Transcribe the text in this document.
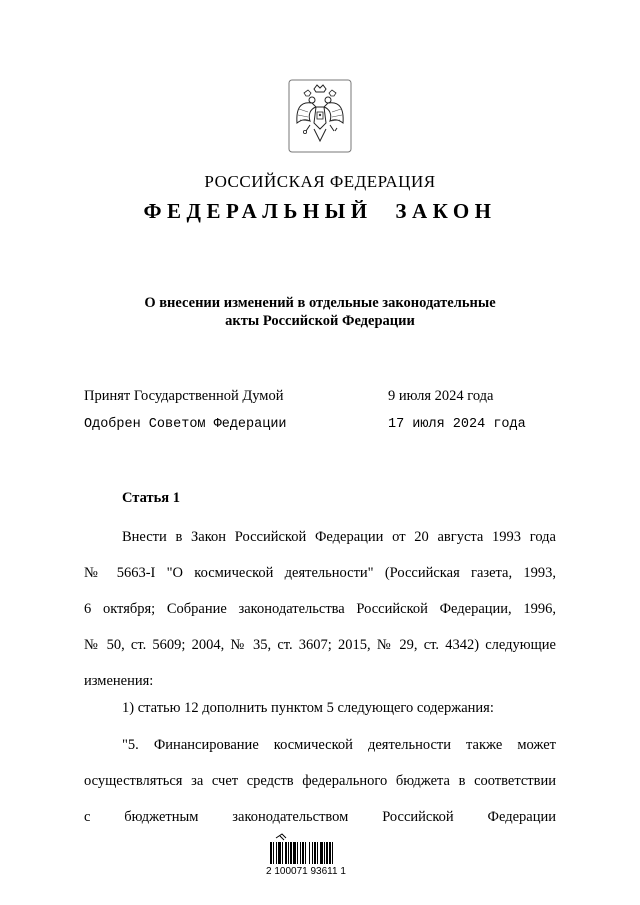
РОССИЙСКАЯ ФЕДЕРАЦИЯ
ФЕДЕРАЛЬНЫЙ ЗАКОН
О внесении изменений в отдельные законодательные
акты Российской Федерации
Принят Государственной Думой	9 июля 2024 года
Одобрен Советом Федерации	17 июля 2024 года
Статья 1
Внести в Закон Российской Федерации от 20 августа 1993 года
№ 5663-I "О космической деятельности" (Российская газета, 1993,
6 октября; Собрание законодательства Российской Федерации, 1996,
№ 50, ст. 5609; 2004, № 35, ст. 3607; 2015, № 29, ст. 4342) следующие
изменения:
1) статью 12 дополнить пунктом 5 следующего содержания:
"5. Финансирование космической деятельности также может
осуществляться за счет средств федерального бюджета в соответствии
с бюджетным законодательством Российской Федерации
2 100071 93611 1
